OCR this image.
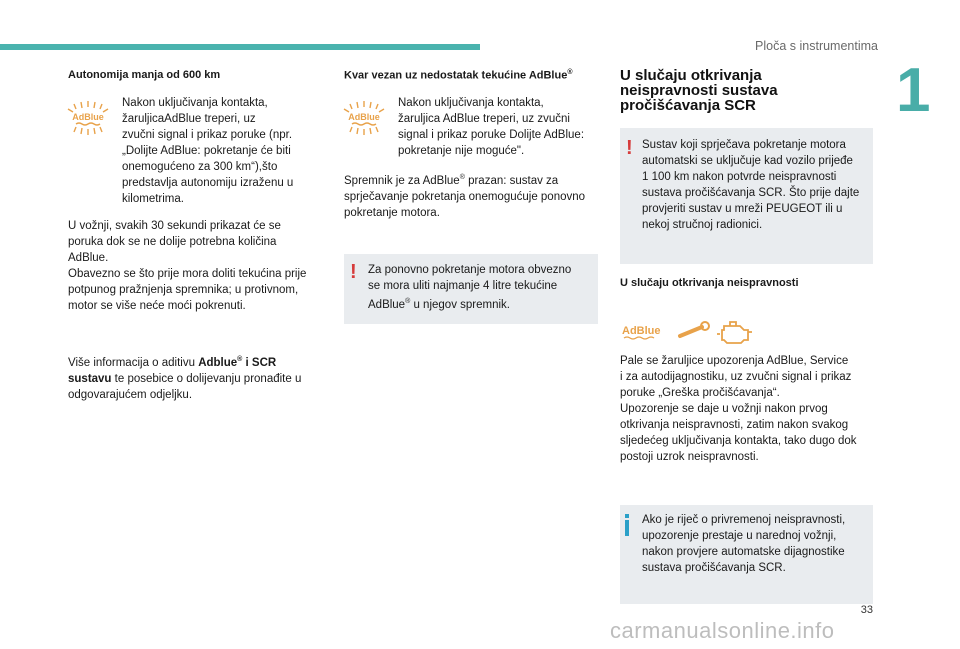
Ploča s instrumentima
1
Autonomija manja od 600 km
AdBlue
Nakon uključivanja kontakta,
žaruljicaAdBlue treperi, uz
zvučni signal i prikaz poruke (npr.
„Dolijte AdBlue: pokretanje će biti
onemogućeno za 300 km“),što
predstavlja autonomiju izraženu u
kilometrima.
U vožnji, svakih 30 sekundi prikazat će se
poruka dok se ne dolije potrebna količina
AdBlue.
Obavezno se što prije mora doliti tekućina prije
potpunog pražnjenja spremnika; u protivnom,
motor se više neće moći pokrenuti.
Više informacija o aditivu Adblue® i SCR
sustavu te posebice o dolijevanju pronađite u
odgovarajućem odjeljku.
Kvar vezan uz nedostatak tekućine AdBlue®
AdBlue
Nakon uključivanja kontakta,
žaruljica AdBlue treperi, uz zvučni
signal i prikaz poruke Dolijte AdBlue:
pokretanje nije moguće".
Spremnik je za AdBlue® prazan: sustav za
sprječavanje pokretanja onemogućuje ponovno
pokretanje motora.
! Za ponovno pokretanje motora obvezno
se mora uliti najmanje 4 litre tekućine
AdBlue® u njegov spremnik.
U slučaju otkrivanja
neispravnosti sustava
pročišćavanja SCR
! Sustav koji sprječava pokretanje motora
automatski se uključuje kad vozilo prijeđe
1 100 km nakon potvrde neispravnosti
sustava pročišćavanja SCR. Što prije dajte
provjeriti sustav u mreži PEUGEOT ili u
nekoj stručnoj radionici.
U slučaju otkrivanja neispravnosti
AdBlue
Pale se žaruljice upozorenja AdBlue, Service
i za autodijagnostiku, uz zvučni signal i prikaz
poruke „Greška pročišćavanja“.
Upozorenje se daje u vožnji nakon prvog
otkrivanja neispravnosti, zatim nakon svakog
sljedećeg uključivanja kontakta, tako dugo dok
postoji uzrok neispravnosti.
Ako je riječ o privremenoj neispravnosti,
upozorenje prestaje u narednoj vožnji,
nakon provjere automatske dijagnostike
sustava pročišćavanja SCR.
33
carmanualsonline.info
